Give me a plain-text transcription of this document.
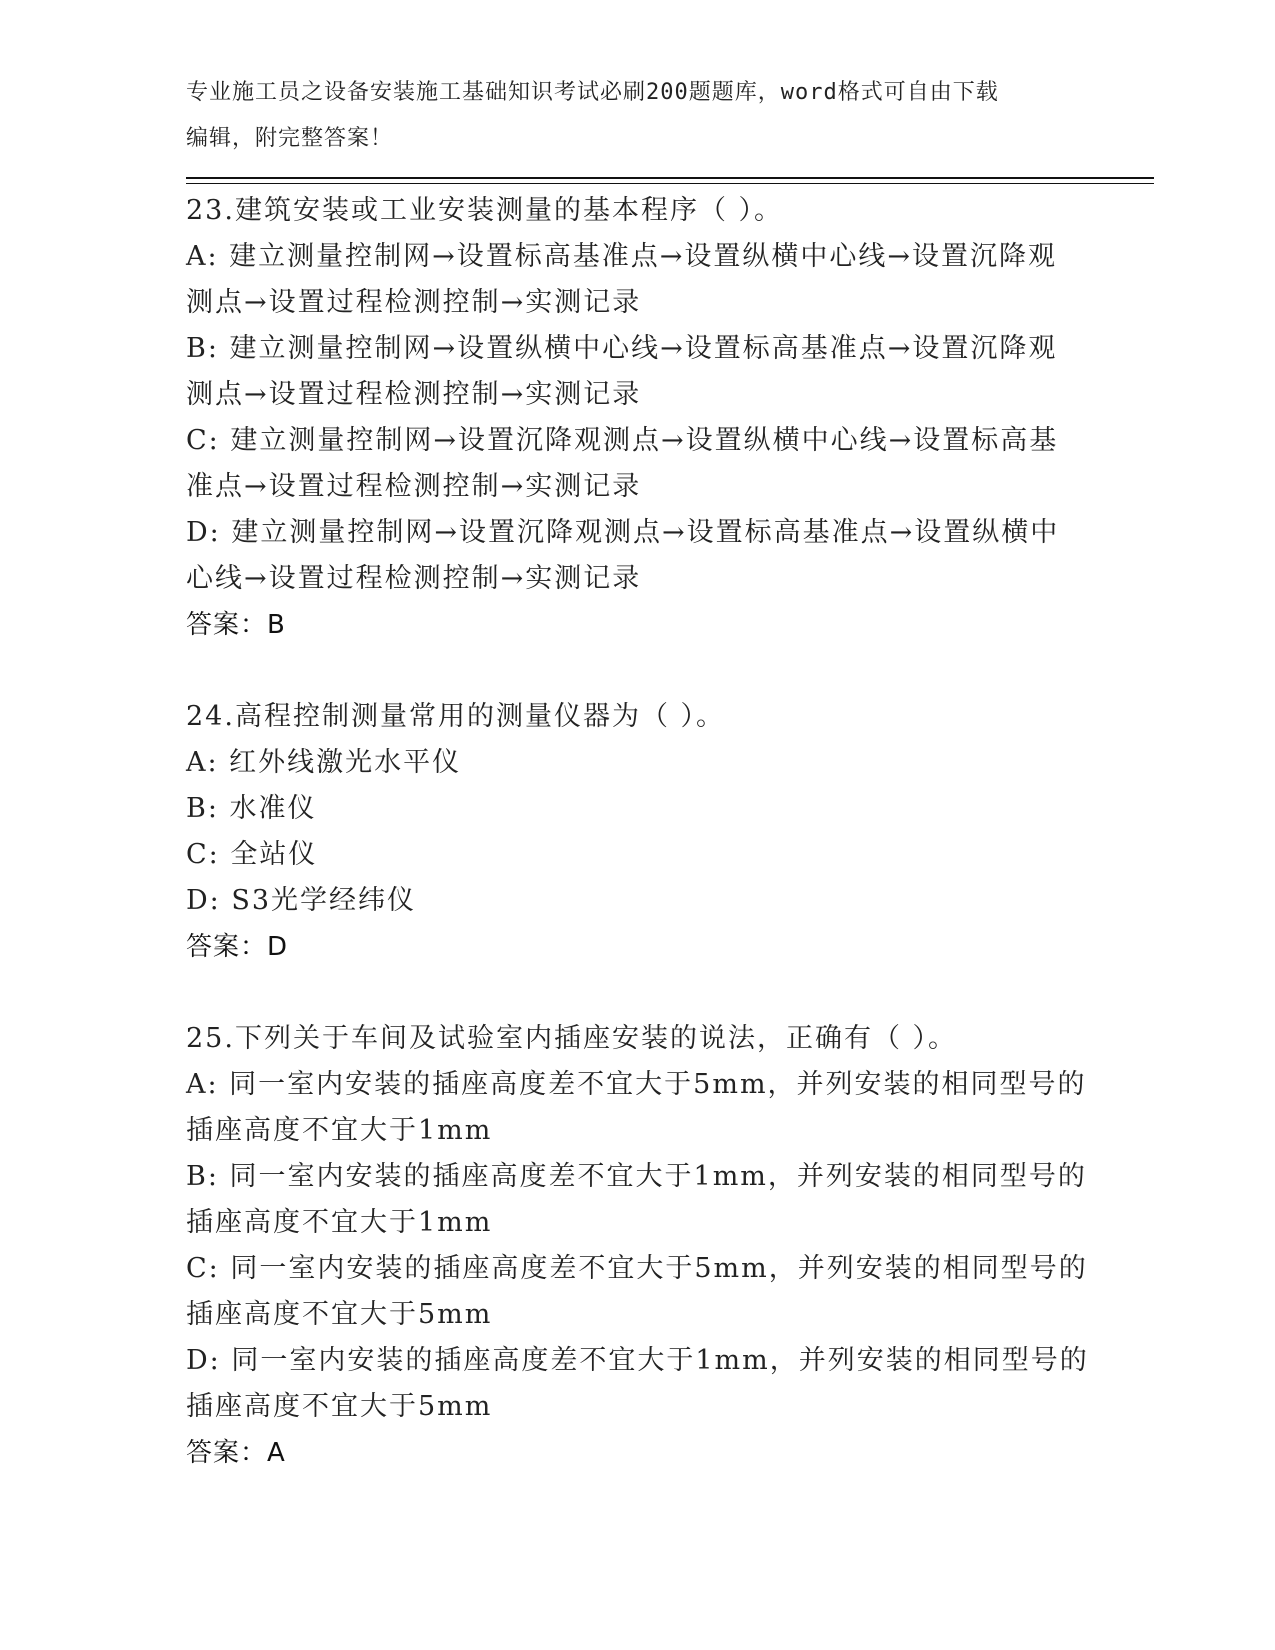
专业施工员之设备安装施工基础知识考试必刷200题题库，word格式可自由下载
编辑，附完整答案！
23.建筑安装或工业安装测量的基本程序（ ）。
A: 建立测量控制网→设置标高基准点→设置纵横中心线→设置沉降观
测点→设置过程检测控制→实测记录
B: 建立测量控制网→设置纵横中心线→设置标高基准点→设置沉降观
测点→设置过程检测控制→实测记录
C: 建立测量控制网→设置沉降观测点→设置纵横中心线→设置标高基
准点→设置过程检测控制→实测记录
D: 建立测量控制网→设置沉降观测点→设置标高基准点→设置纵横中
心线→设置过程检测控制→实测记录
答案：B
24.高程控制测量常用的测量仪器为（ ）。
A: 红外线激光水平仪
B: 水准仪
C: 全站仪
D: S3光学经纬仪
答案：D
25.下列关于车间及试验室内插座安装的说法，正确有（ ）。
A: 同一室内安装的插座高度差不宜大于5mm，并列安装的相同型号的
插座高度不宜大于1mm
B: 同一室内安装的插座高度差不宜大于1mm，并列安装的相同型号的
插座高度不宜大于1mm
C: 同一室内安装的插座高度差不宜大于5mm，并列安装的相同型号的
插座高度不宜大于5mm
D: 同一室内安装的插座高度差不宜大于1mm，并列安装的相同型号的
插座高度不宜大于5mm
答案：A
